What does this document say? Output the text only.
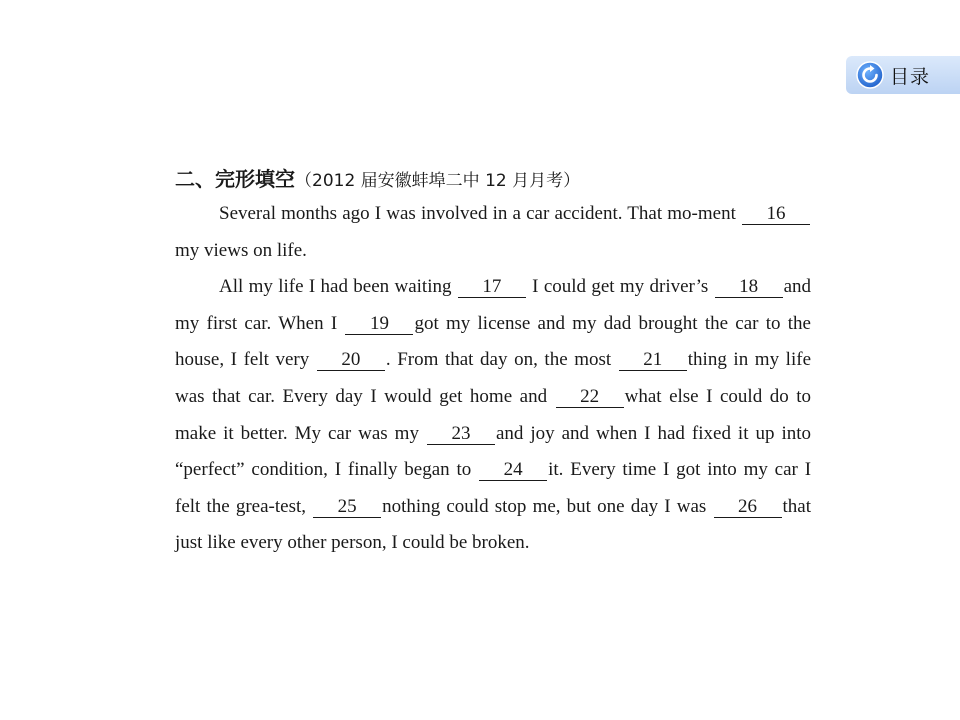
目录
二、完形填空（2012 届安徽蚌埠二中 12 月月考）

Several months ago I was involved in a car accident. That mo-ment 16my views on life.

All my life I had been waiting 17 I could get my driver’s 18 and my first car. When I 19 got my license and my dad brought the car to the house, I felt very 20 . From that day on, the most 21 thing in my life was that car. Every day I would get home and 22 what else I could do to make it better. My car was my 23 and joy and when I had fixed it up into “perfect” condition, I finally began to 24 it. Every time I got into my car I felt the grea-test, 25 nothing could stop me, but one day I was 26 that just like every other person, I could be broken.
